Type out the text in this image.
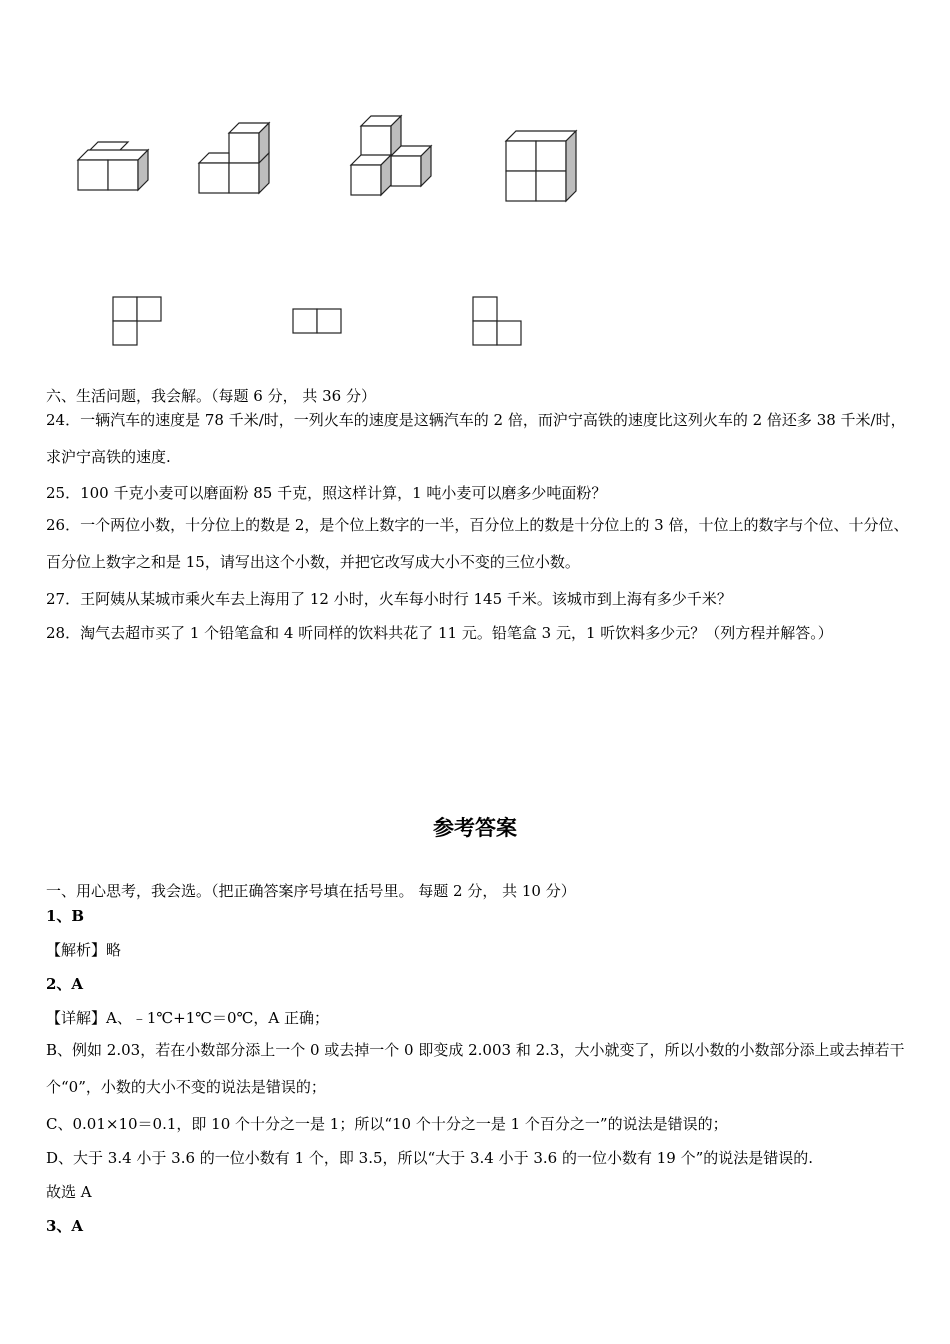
六、生活问题，我会解。（每题 6 分， 共 36 分）
24．一辆汽车的速度是 78 千米/时，一列火车的速度是这辆汽车的 2 倍，而沪宁高铁的速度比这列火车的 2 倍还多 38 千米/时，求沪宁高铁的速度.
25．100 千克小麦可以磨面粉 85 千克，照这样计算，1 吨小麦可以磨多少吨面粉？
26．一个两位小数，十分位上的数是 2，是个位上数字的一半，百分位上的数是十分位上的 3 倍，十位上的数字与个位、十分位、百分位上数字之和是 15，请写出这个小数，并把它改写成大小不变的三位小数。
27．王阿姨从某城市乘火车去上海用了 12 小时，火车每小时行 145 千米。该城市到上海有多少千米？
28．淘气去超市买了 1 个铅笔盒和 4 听同样的饮料共花了 11 元。铅笔盒 3 元，1 听饮料多少元？（列方程并解答。）
参考答案
一、用心思考，我会选。（把正确答案序号填在括号里。 每题 2 分， 共 10 分）
1、B
【解析】略
2、A
【详解】A、﹣1℃+1℃＝0℃，A 正确；
B、例如 2.03，若在小数部分添上一个 0 或去掉一个 0 即变成 2.003 和 2.3，大小就变了，所以小数的小数部分添上或去掉若干个“0”，小数的大小不变的说法是错误的；
C、0.01×10＝0.1，即 10 个十分之一是 1；所以“10 个十分之一是 1 个百分之一”的说法是错误的；
D、大于 3.4 小于 3.6 的一位小数有 1 个，即 3.5，所以“大于 3.4 小于 3.6 的一位小数有 19 个”的说法是错误的.
故选 A
3、A
